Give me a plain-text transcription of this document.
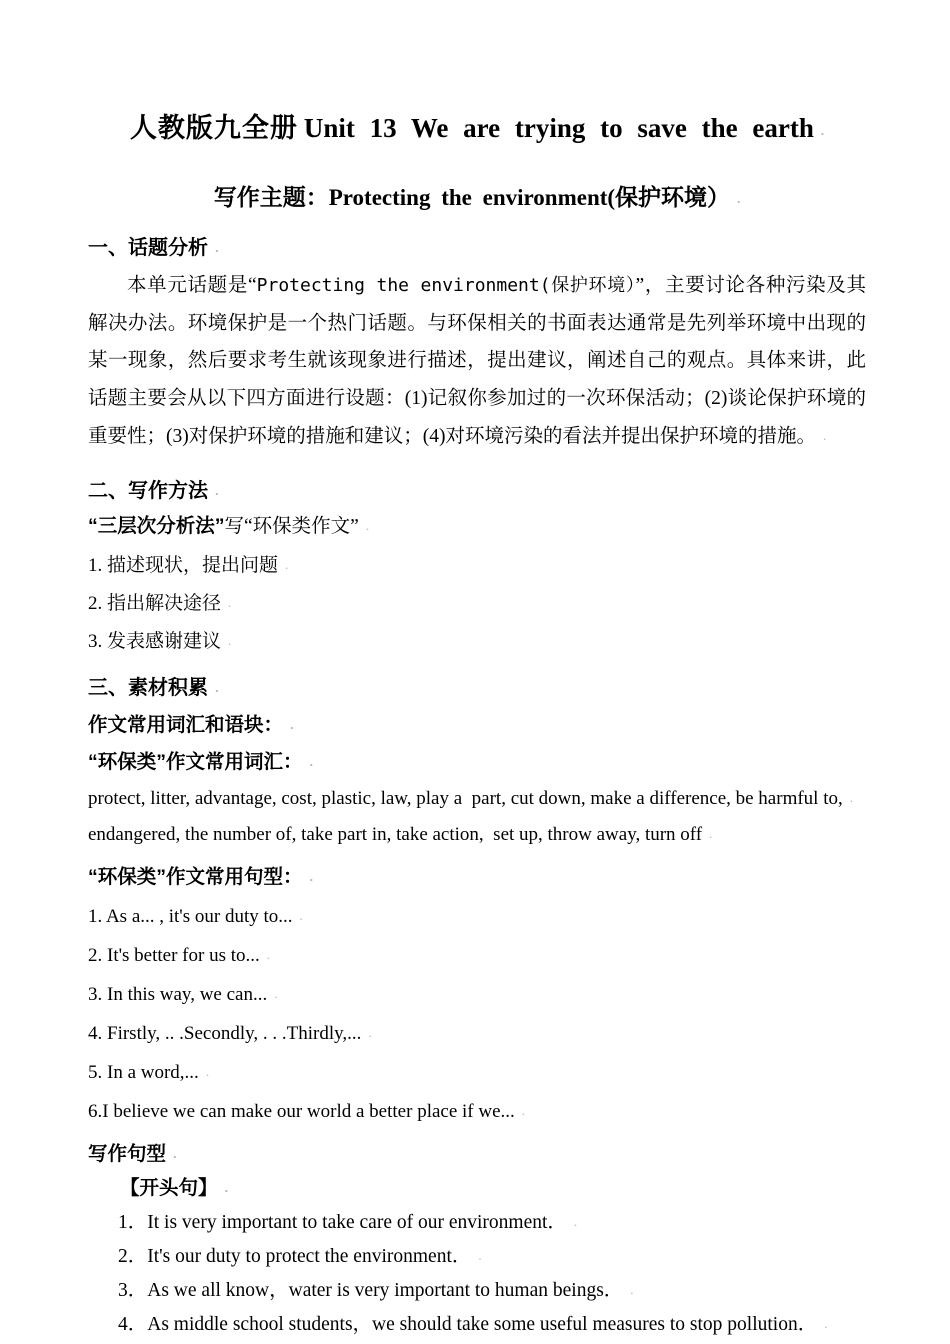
人教版九全册 Unit 13 We are trying to save the earth .
写作主题：Protecting the environment(保护环境） .
一、话题分析 .

本单元话题是“Protecting the environment(保护环境）”，主要讨论各种污染及其解决办法。环境保护是一个热门话题。与环保相关的书面表达通常是先列举环境中出现的某一现象，然后要求考生就该现象进行描述，提出建议，阐述自己的观点。具体来讲，此话题主要会从以下四方面进行设题：(1)记叙你参加过的一次环保活动；(2)谈论保护环境的重要性；(3)对保护环境的措施和建议；(4)对环境污染的看法并提出保护环境的措施。 .

二、写作方法 .

“三层次分析法”写“环保类作文” .

1. 描述现状，提出问题 .

2. 指出解决途径 .

3. 发表感谢建议 .

三、素材积累 .
作文常用词汇和语块： .
“环保类”作文常用词汇： .

protect, litter, advantage, cost, plastic, law, play a  part, cut down, make a difference, be harmful to, .

endangered, the number of, take part in, take action,  set up, throw away, turn off .

“环保类”作文常用句型： .

1. As a... , it's our duty to... .

2. It's better for us to... .

3. In this way, we can... .

4. Firstly, .. .Secondly, . . .Thirdly,... .

5. In a word,... .

6.I believe we can make our world a better place if we... .

写作句型 .
【开头句】 .

1．It is very important to take care of our environment． .

2．It's our duty to protect the environment． .

3．As we all know，water is very important to human beings． .

4．As middle school students，we should take some useful measures to stop pollution． .
